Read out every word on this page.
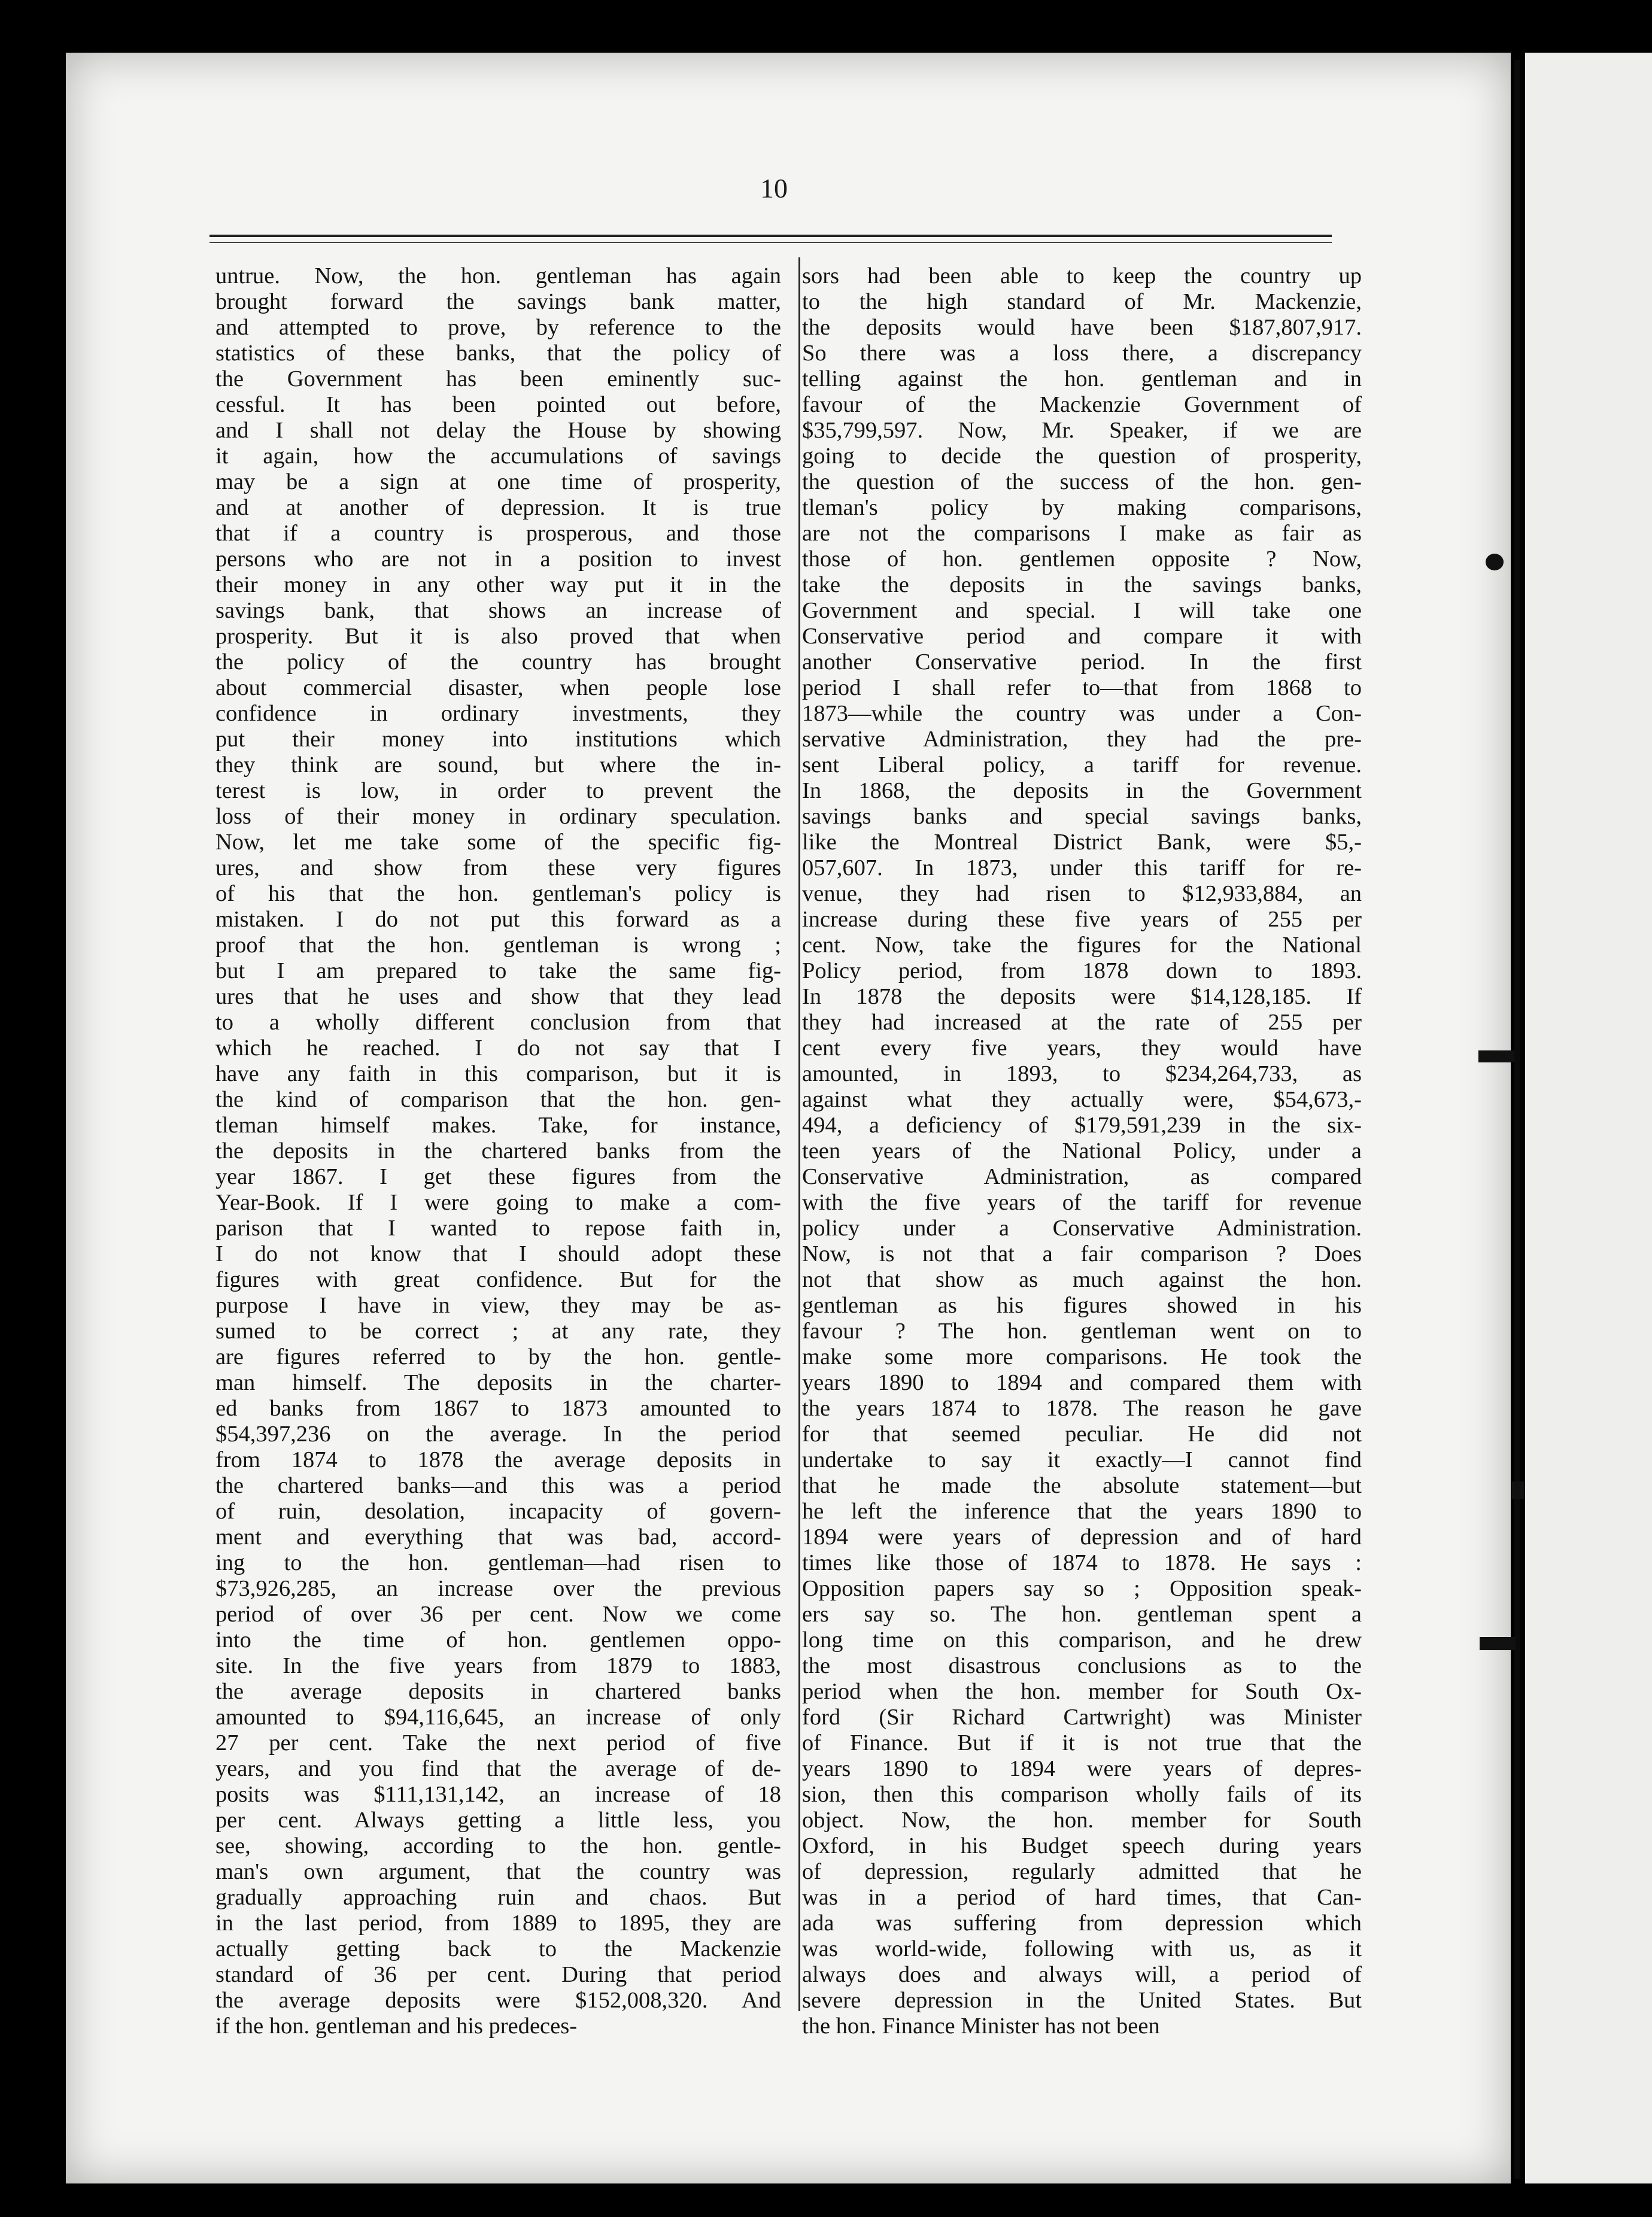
10
untrue. Now, the hon. gentleman has again
brought forward the savings bank matter,
and attempted to prove, by reference to the
statistics of these banks, that the policy of
the Government has been eminently suc-
cessful. It has been pointed out before,
and I shall not delay the House by showing
it again, how the accumulations of savings
may be a sign at one time of prosperity,
and at another of depression. It is true
that if a country is prosperous, and those
persons who are not in a position to invest
their money in any other way put it in the
savings bank, that shows an increase of
prosperity. But it is also proved that when
the policy of the country has brought
about commercial disaster, when people lose
confidence in ordinary investments, they
put their money into institutions which
they think are sound, but where the in-
terest is low, in order to prevent the
loss of their money in ordinary speculation.
Now, let me take some of the specific fig-
ures, and show from these very figures
of his that the hon. gentleman's policy is
mistaken. I do not put this forward as a
proof that the hon. gentleman is wrong ;
but I am prepared to take the same fig-
ures that he uses and show that they lead
to a wholly different conclusion from that
which he reached. I do not say that I
have any faith in this comparison, but it is
the kind of comparison that the hon. gen-
tleman himself makes. Take, for instance,
the deposits in the chartered banks from the
year 1867. I get these figures from the
Year-Book. If I were going to make a com-
parison that I wanted to repose faith in,
I do not know that I should adopt these
figures with great confidence. But for the
purpose I have in view, they may be as-
sumed to be correct ; at any rate, they
are figures referred to by the hon. gentle-
man himself. The deposits in the charter-
ed banks from 1867 to 1873 amounted to
$54,397,236 on the average. In the period
from 1874 to 1878 the average deposits in
the chartered banks—and this was a period
of ruin, desolation, incapacity of govern-
ment and everything that was bad, accord-
ing to the hon. gentleman—had risen to
$73,926,285, an increase over the previous
period of over 36 per cent. Now we come
into the time of hon. gentlemen oppo-
site. In the five years from 1879 to 1883,
the average deposits in chartered banks
amounted to $94,116,645, an increase of only
27 per cent. Take the next period of five
years, and you find that the average of de-
posits was $111,131,142, an increase of 18
per cent. Always getting a little less, you
see, showing, according to the hon. gentle-
man's own argument, that the country was
gradually approaching ruin and chaos. But
in the last period, from 1889 to 1895, they are
actually getting back to the Mackenzie
standard of 36 per cent. During that period
the average deposits were $152,008,320. And
if the hon. gentleman and his predeces-
sors had been able to keep the country up
to the high standard of Mr. Mackenzie,
the deposits would have been $187,807,917.
So there was a loss there, a discrepancy
telling against the hon. gentleman and in
favour of the Mackenzie Government of
$35,799,597. Now, Mr. Speaker, if we are
going to decide the question of prosperity,
the question of the success of the hon. gen-
tleman's policy by making comparisons,
are not the comparisons I make as fair as
those of hon. gentlemen opposite ? Now,
take the deposits in the savings banks,
Government and special. I will take one
Conservative period and compare it with
another Conservative period. In the first
period I shall refer to—that from 1868 to
1873—while the country was under a Con-
servative Administration, they had the pre-
sent Liberal policy, a tariff for revenue.
In 1868, the deposits in the Government
savings banks and special savings banks,
like the Montreal District Bank, were $5,-
057,607. In 1873, under this tariff for re-
venue, they had risen to $12,933,884, an
increase during these five years of 255 per
cent. Now, take the figures for the National
Policy period, from 1878 down to 1893.
In 1878 the deposits were $14,128,185. If
they had increased at the rate of 255 per
cent every five years, they would have
amounted, in 1893, to $234,264,733, as
against what they actually were, $54,673,-
494, a deficiency of $179,591,239 in the six-
teen years of the National Policy, under a
Conservative Administration, as compared
with the five years of the tariff for revenue
policy under a Conservative Administration.
Now, is not that a fair comparison ? Does
not that show as much against the hon.
gentleman as his figures showed in his
favour ? The hon. gentleman went on to
make some more comparisons. He took the
years 1890 to 1894 and compared them with
the years 1874 to 1878. The reason he gave
for that seemed peculiar. He did not
undertake to say it exactly—I cannot find
that he made the absolute statement—but
he left the inference that the years 1890 to
1894 were years of depression and of hard
times like those of 1874 to 1878. He says :
Opposition papers say so ; Opposition speak-
ers say so. The hon. gentleman spent a
long time on this comparison, and he drew
the most disastrous conclusions as to the
period when the hon. member for South Ox-
ford (Sir Richard Cartwright) was Minister
of Finance. But if it is not true that the
years 1890 to 1894 were years of depres-
sion, then this comparison wholly fails of its
object. Now, the hon. member for South
Oxford, in his Budget speech during years
of depression, regularly admitted that he
was in a period of hard times, that Can-
ada was suffering from depression which
was world-wide, following with us, as it
always does and always will, a period of
severe depression in the United States. But
the hon. Finance Minister has not been
